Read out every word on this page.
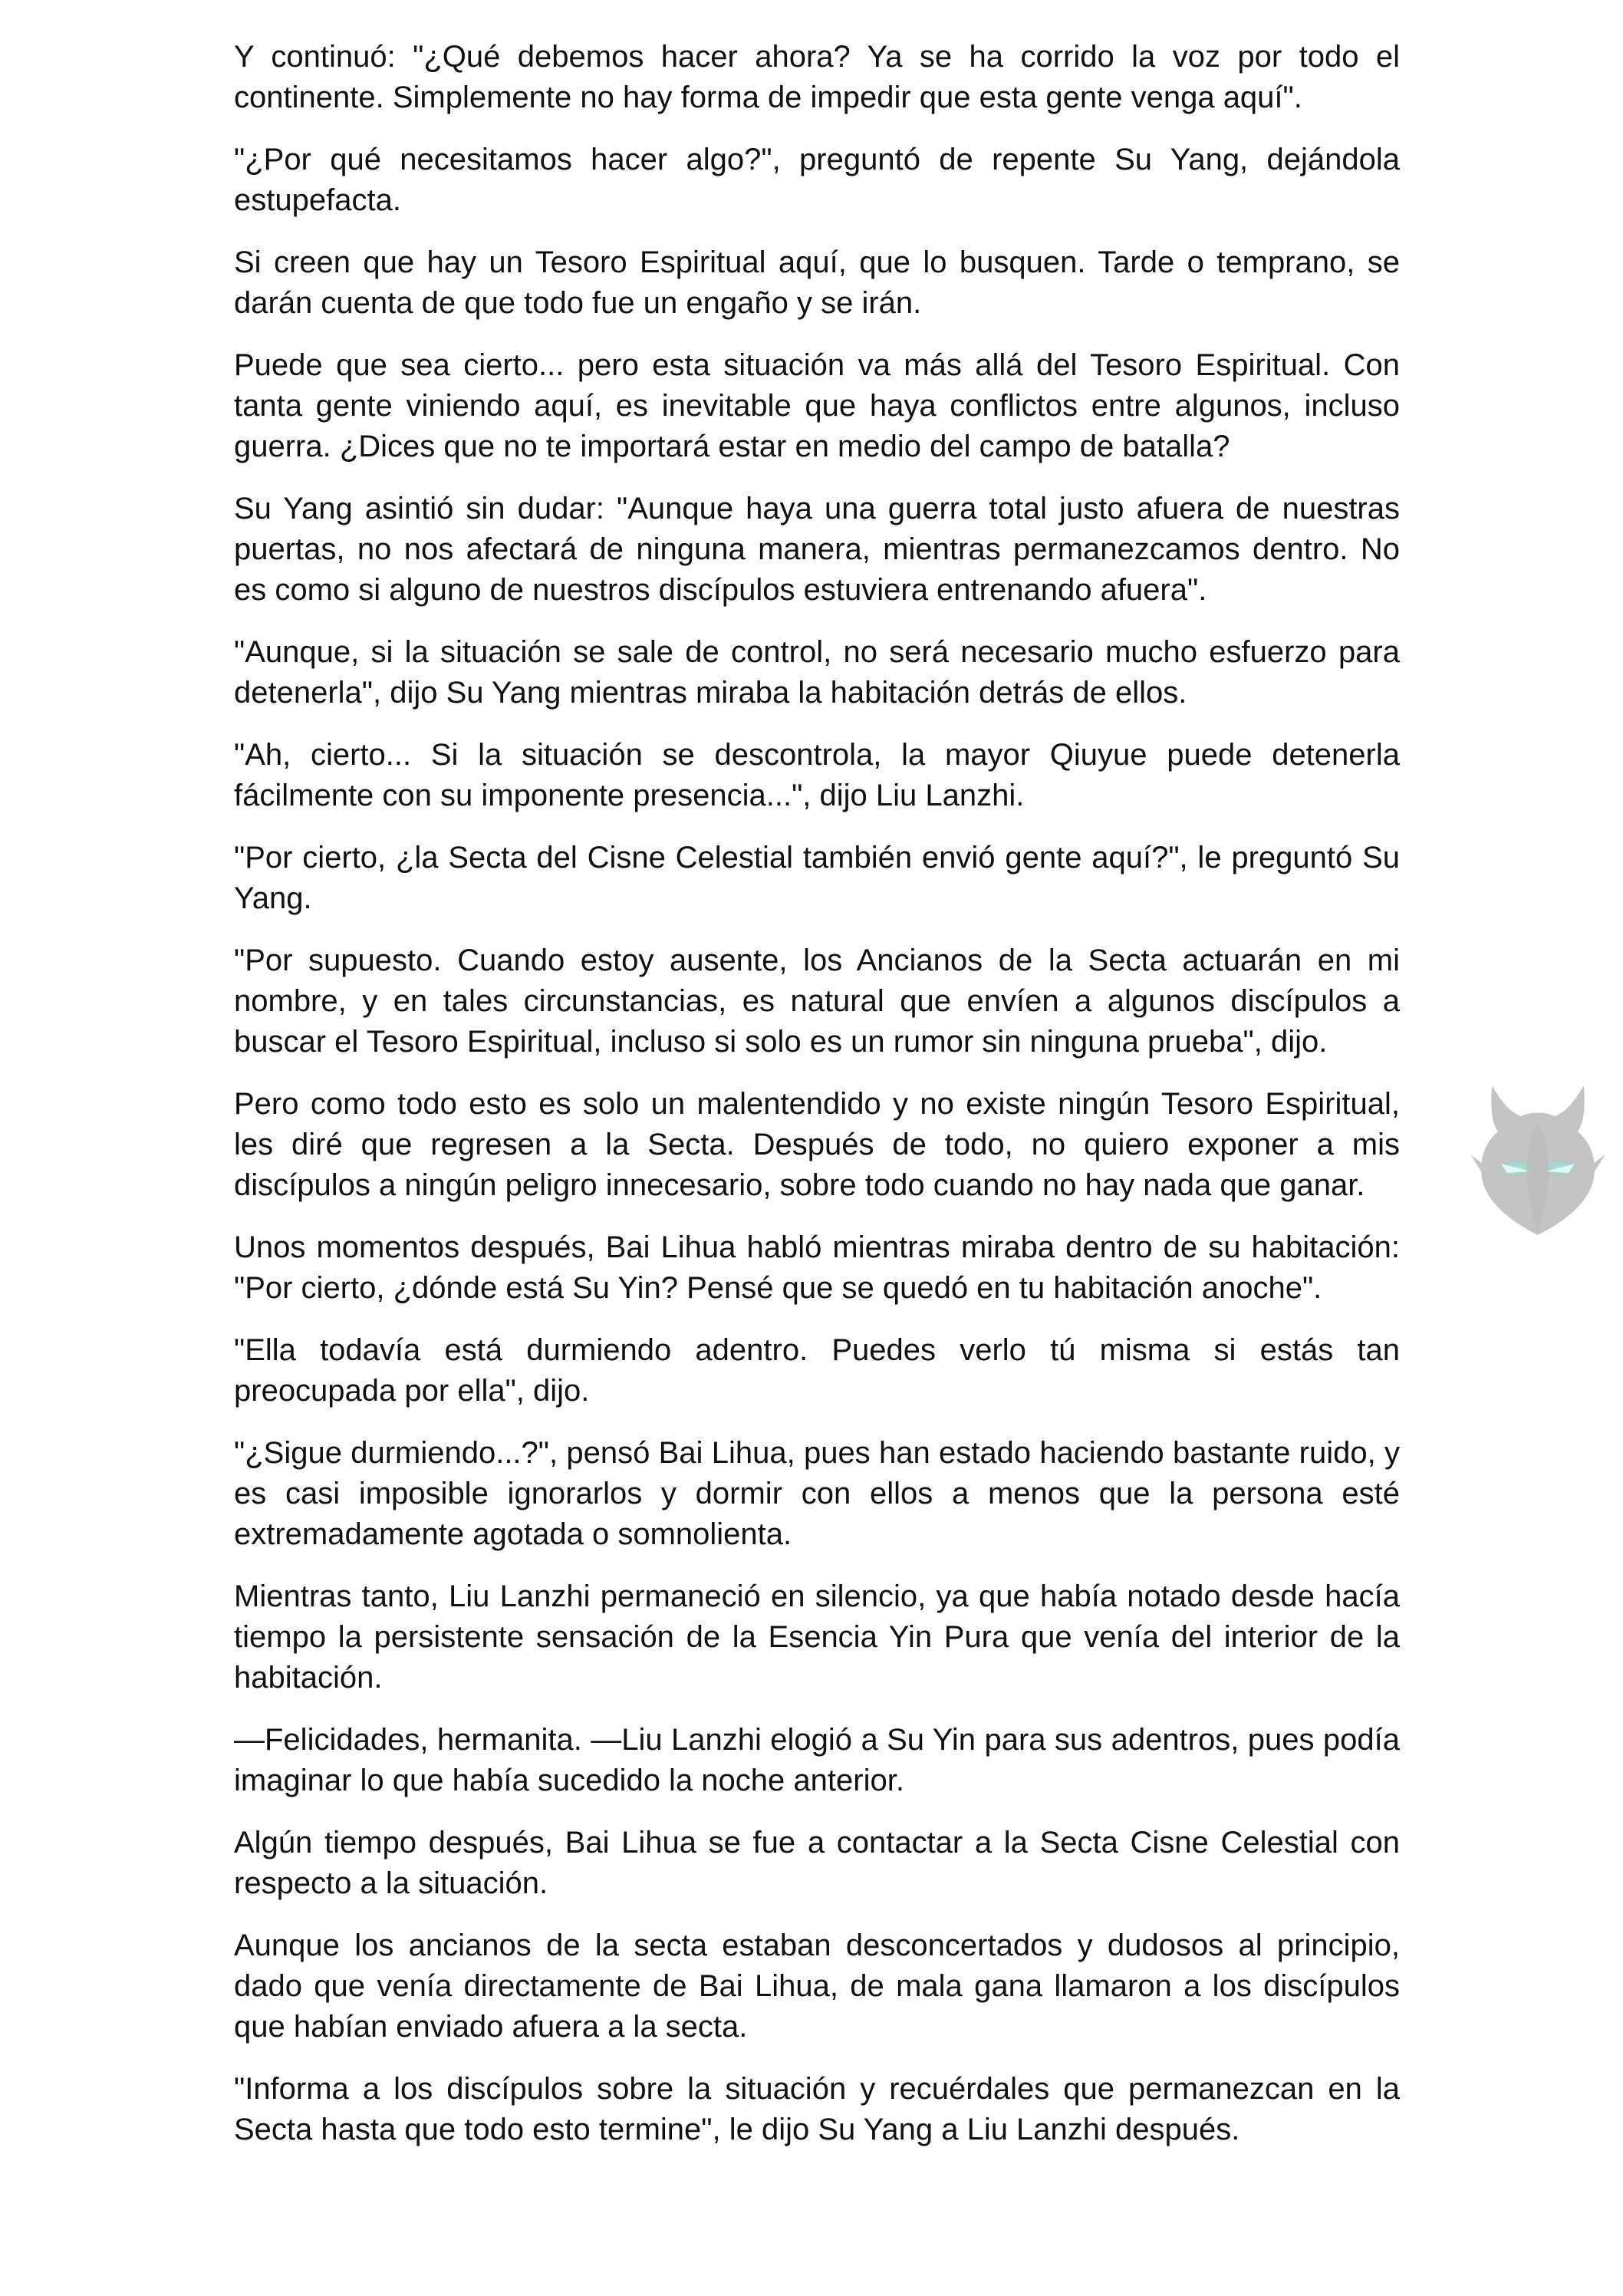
Y continuó: "¿Qué debemos hacer ahora? Ya se ha corrido la voz por todo el continente. Simplemente no hay forma de impedir que esta gente venga aquí".

"¿Por qué necesitamos hacer algo?", preguntó de repente Su Yang, dejándola estupefacta.

Si creen que hay un Tesoro Espiritual aquí, que lo busquen. Tarde o temprano, se darán cuenta de que todo fue un engaño y se irán.

Puede que sea cierto... pero esta situación va más allá del Tesoro Espiritual. Con tanta gente viniendo aquí, es inevitable que haya conflictos entre algunos, incluso guerra. ¿Dices que no te importará estar en medio del campo de batalla?

Su Yang asintió sin dudar: "Aunque haya una guerra total justo afuera de nuestras puertas, no nos afectará de ninguna manera, mientras permanezcamos dentro. No es como si alguno de nuestros discípulos estuviera entrenando afuera".

"Aunque, si la situación se sale de control, no será necesario mucho esfuerzo para detenerla", dijo Su Yang mientras miraba la habitación detrás de ellos.

"Ah, cierto... Si la situación se descontrola, la mayor Qiuyue puede detenerla fácilmente con su imponente presencia...", dijo Liu Lanzhi.

"Por cierto, ¿la Secta del Cisne Celestial también envió gente aquí?", le preguntó Su Yang.

"Por supuesto. Cuando estoy ausente, los Ancianos de la Secta actuarán en mi nombre, y en tales circunstancias, es natural que envíen a algunos discípulos a buscar el Tesoro Espiritual, incluso si solo es un rumor sin ninguna prueba", dijo.

Pero como todo esto es solo un malentendido y no existe ningún Tesoro Espiritual, les diré que regresen a la Secta. Después de todo, no quiero exponer a mis discípulos a ningún peligro innecesario, sobre todo cuando no hay nada que ganar.

Unos momentos después, Bai Lihua habló mientras miraba dentro de su habitación: "Por cierto, ¿dónde está Su Yin? Pensé que se quedó en tu habitación anoche".

"Ella todavía está durmiendo adentro. Puedes verlo tú misma si estás tan preocupada por ella", dijo.

"¿Sigue durmiendo...?", pensó Bai Lihua, pues han estado haciendo bastante ruido, y es casi imposible ignorarlos y dormir con ellos a menos que la persona esté extremadamente agotada o somnolienta.

Mientras tanto, Liu Lanzhi permaneció en silencio, ya que había notado desde hacía tiempo la persistente sensación de la Esencia Yin Pura que venía del interior de la habitación.

—Felicidades, hermanita. —Liu Lanzhi elogió a Su Yin para sus adentros, pues podía imaginar lo que había sucedido la noche anterior.

Algún tiempo después, Bai Lihua se fue a contactar a la Secta Cisne Celestial con respecto a la situación.

Aunque los ancianos de la secta estaban desconcertados y dudosos al principio, dado que venía directamente de Bai Lihua, de mala gana llamaron a los discípulos que habían enviado afuera a la secta.

"Informa a los discípulos sobre la situación y recuérdales que permanezcan en la Secta hasta que todo esto termine", le dijo Su Yang a Liu Lanzhi después.
